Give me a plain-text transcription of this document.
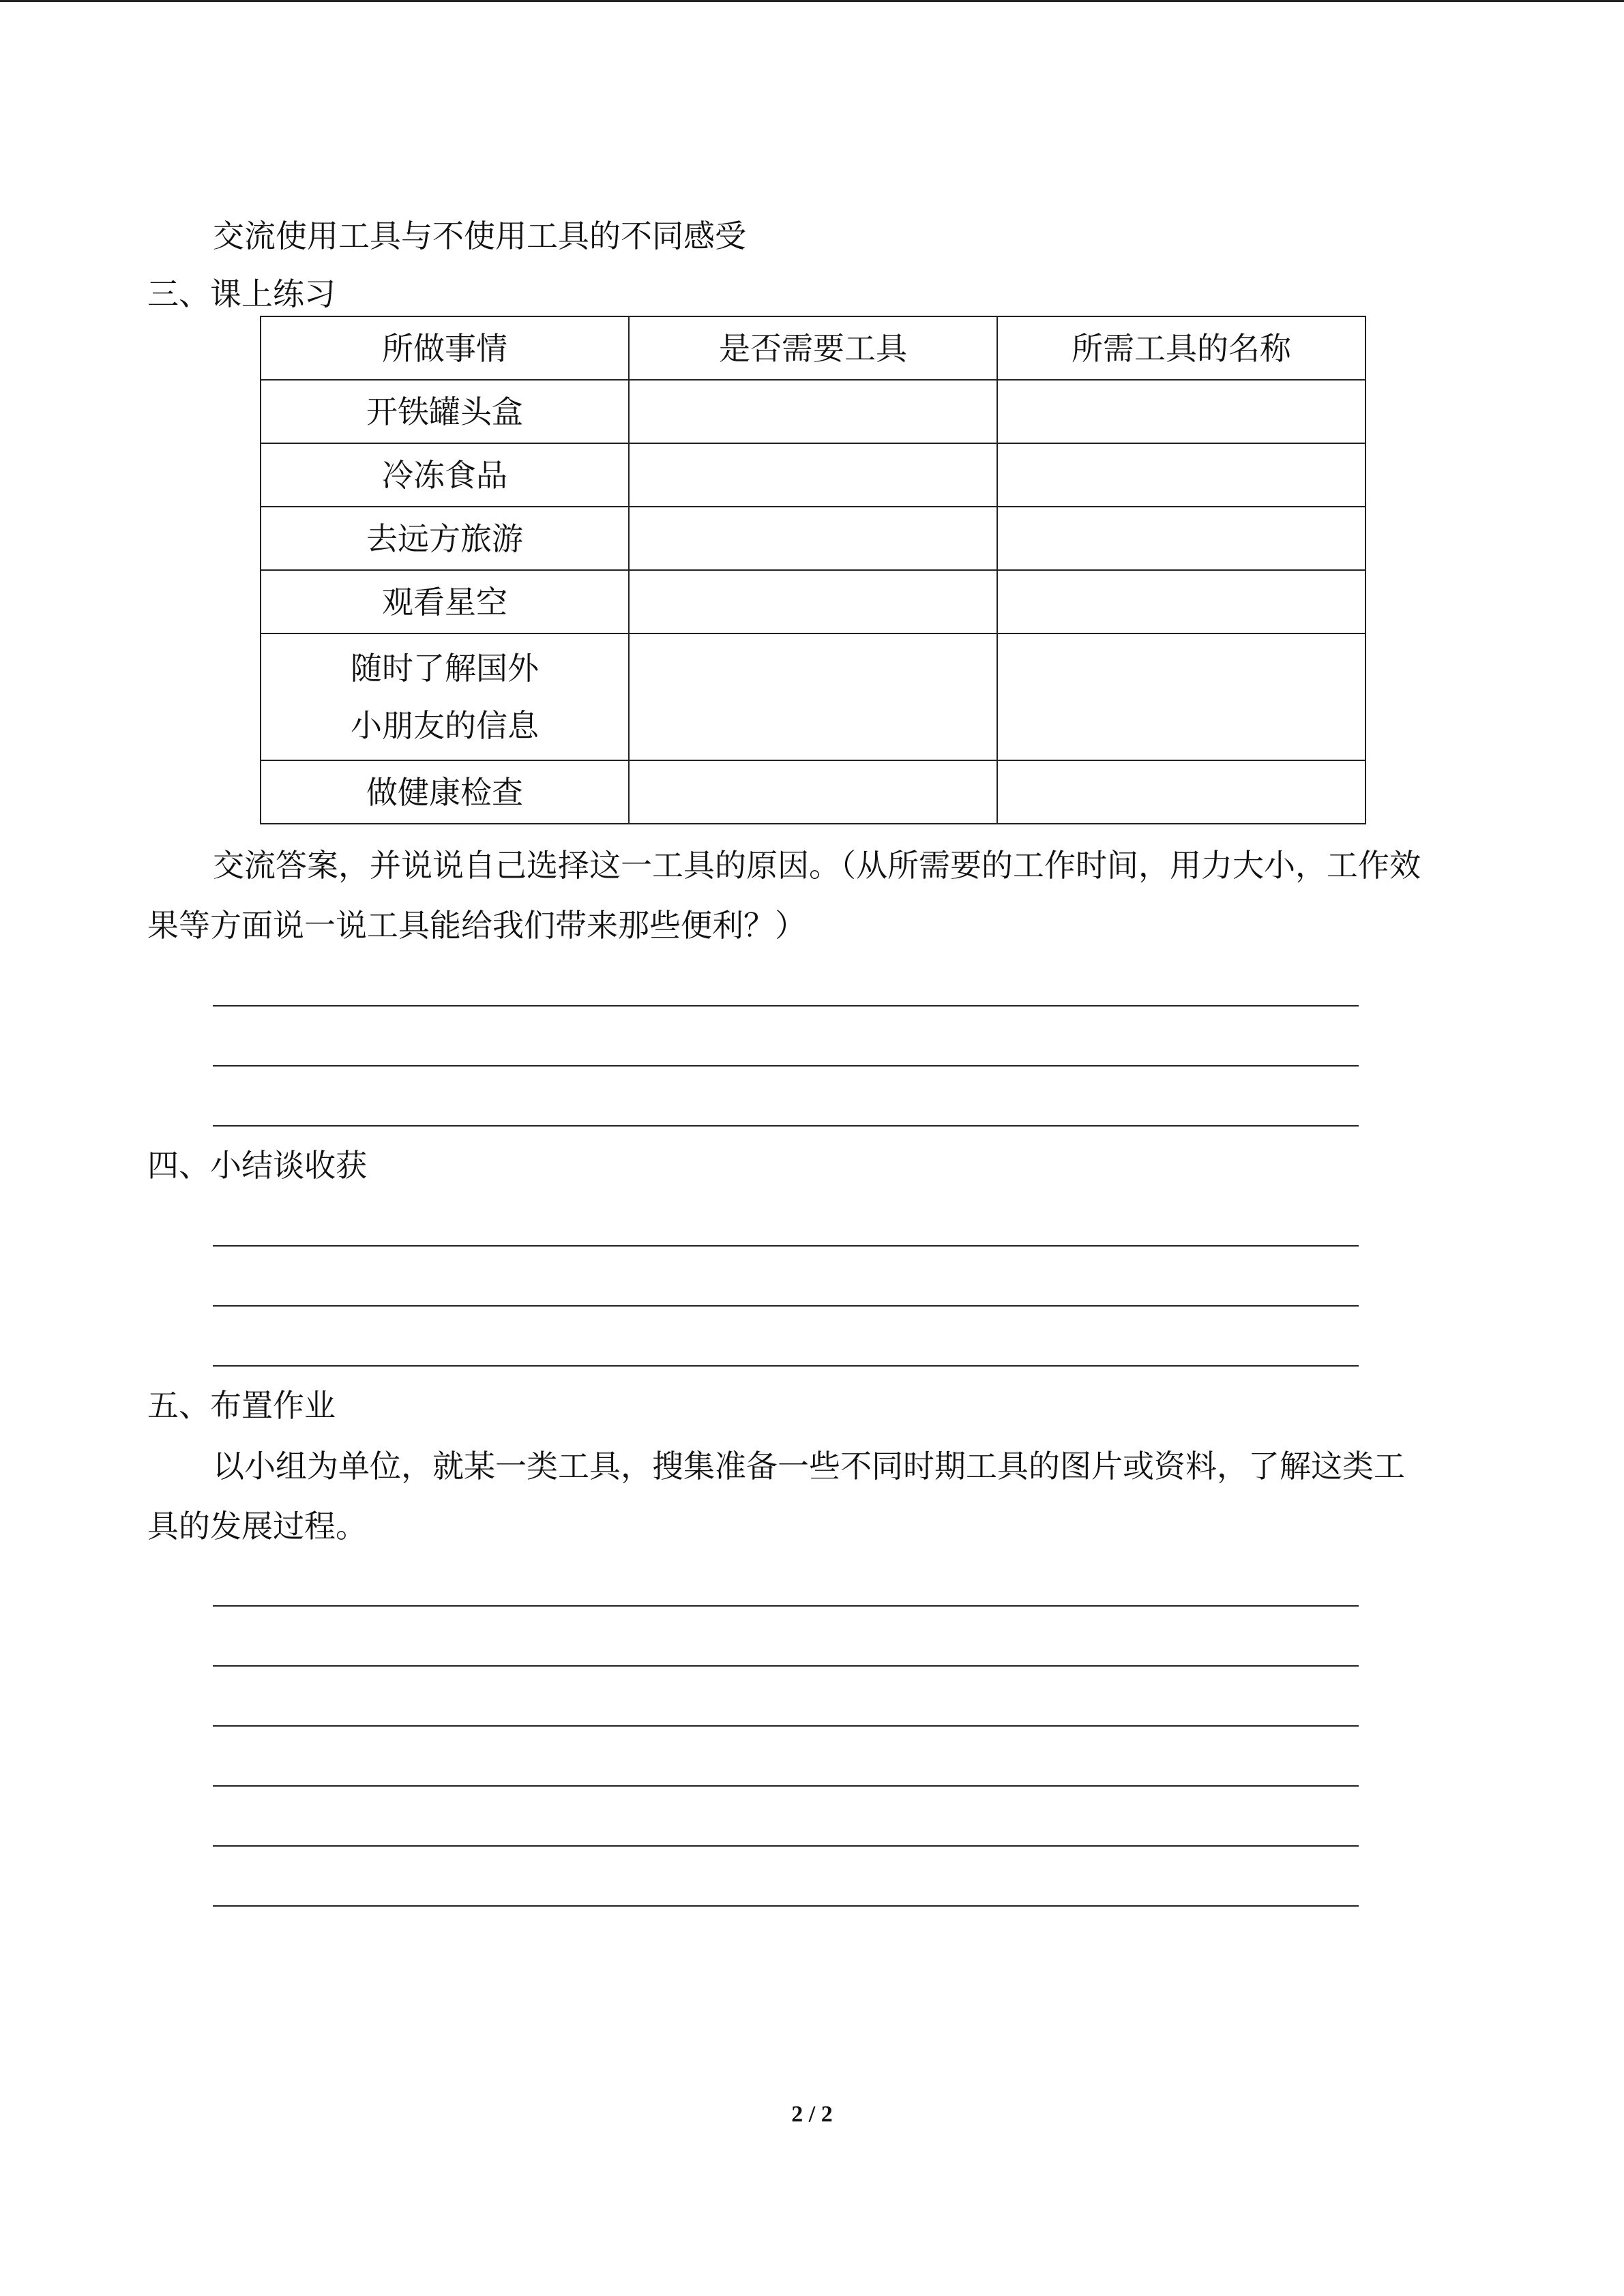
交流使用工具与不使用工具的不同感受
三、课上练习
所做事情	是否需要工具	所需工具的名称
开铁罐头盒		
冷冻食品		
去远方旅游		
观看星空		

随时了解国外
小朋友的信息		

做健康检查		
交流答案，并说说自己选择这一工具的原因。（从所需要的工作时间，用力大小，工作效
果等方面说一说工具能给我们带来那些便利？）
四、小结谈收获
五、布置作业
以小组为单位，就某一类工具，搜集准备一些不同时期工具的图片或资料，了解这类工
具的发展过程。
2 / 2
